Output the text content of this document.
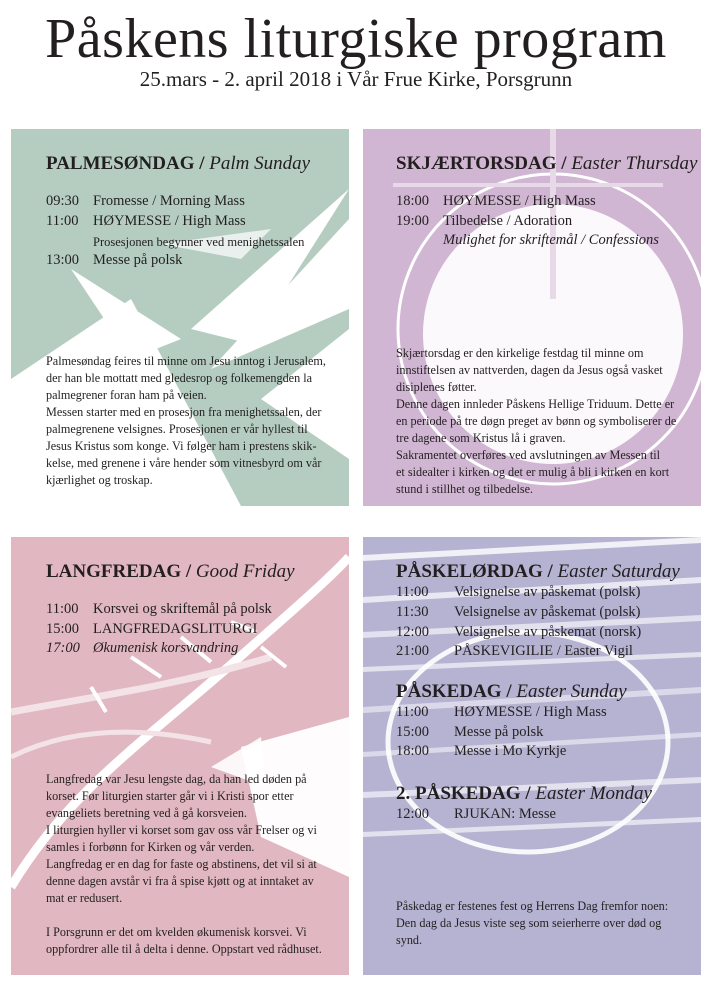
Påskens liturgiske program
25.mars - 2. april 2018 i Vår Frue Kirke, Porsgrunn
PALMESØNDAG / Palm Sunday
09:30 Fromesse / Morning Mass
11:00 HØYMESSE / High Mass
Prosesjonen begynner ved menighetssalen
13:00 Messe på polsk
Palmesøndag feires til minne om Jesu inntog i Jerusalem,
der han ble mottatt med gledesrop og folkemengden la
palmegrener foran ham på veien.
Messen starter med en prosesjon fra menighetssalen, der
palmegrenene velsignes. Prosesjonen er vår hyllest til
Jesus Kristus som konge. Vi følger ham i prestens skik-
kelse, med grenene i våre hender som vitnesbyrd om vår
kjærlighet og troskap.
SKJÆRTORSDAG / Easter Thursday
18:00 HØYMESSE / High Mass
19:00 Tilbedelse / Adoration
Mulighet for skriftemål / Confessions
Skjærtorsdag er den kirkelige festdag til minne om
innstiftelsen av nattverden, dagen da Jesus også vasket
disiplenes føtter.
Denne dagen innleder Påskens Hellige Triduum. Dette er
en periode på tre døgn preget av bønn og symboliserer de
tre dagene som Kristus lå i graven.
Sakramentet overføres ved avslutningen av Messen til
et sidealter i kirken og det er mulig å bli i kirken en kort
stund i stillhet og tilbedelse.
LANGFREDAG / Good Friday
11:00 Korsvei og skriftemål på polsk
15:00 LANGFREDAGSLITURGI
17:00 Økumenisk korsvandring
Langfredag var Jesu lengste dag, da han led døden på
korset. Før liturgien starter går vi i Kristi spor etter
evangeliets beretning ved å gå korsveien.
I liturgien hyller vi korset som gav oss vår Frelser og vi
samles i forbønn for Kirken og vår verden.
Langfredag er en dag for faste og abstinens, det vil si at
denne dagen avstår vi fra å spise kjøtt og at inntaket av
mat er redusert.
I Porsgrunn er det om kvelden økumenisk korsvei. Vi
oppfordrer alle til å delta i denne. Oppstart ved rådhuset.
PÅSKELØRDAG / Easter Saturday
11:00 Velsignelse av påskemat (polsk)
11:30 Velsignelse av påskemat (polsk)
12:00 Velsignelse av påskemat (norsk)
21:00 PÅSKEVIGILIE / Easter Vigil
PÅSKEDAG / Easter Sunday
11:00 HØYMESSE / High Mass
15:00 Messe på polsk
18:00 Messe i Mo Kyrkje
2. PÅSKEDAG / Easter Monday
12:00 RJUKAN: Messe
Påskedag er festenes fest og Herrens Dag fremfor noen:
Den dag da Jesus viste seg som seierherre over død og
synd.
